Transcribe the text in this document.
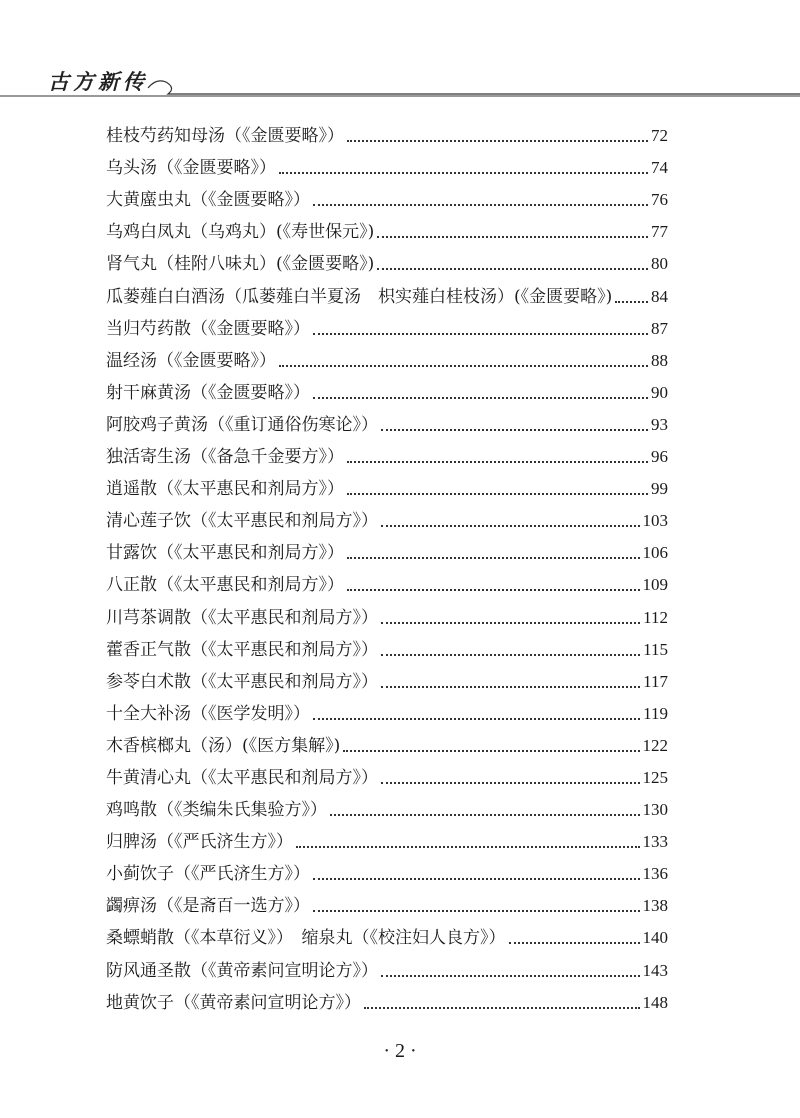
古方新传
桂枝芍药知母汤（《金匮要略》）	72
乌头汤（《金匮要略》）	74
大黄䗪虫丸（《金匮要略》）	76
乌鸡白凤丸（乌鸡丸）(《寿世保元》)	77
肾气丸（桂附八味丸）(《金匮要略》)	80
瓜蒌薤白白酒汤（瓜蒌薤白半夏汤　枳实薤白桂枝汤）(《金匮要略》) 84
当归芍药散（《金匮要略》）	87
温经汤（《金匮要略》）	88
射干麻黄汤（《金匮要略》）	90
阿胶鸡子黄汤（《重订通俗伤寒论》）	93
独活寄生汤（《备急千金要方》）	96
逍遥散（《太平惠民和剂局方》）	99
清心莲子饮（《太平惠民和剂局方》）	103
甘露饮（《太平惠民和剂局方》）	106
八正散（《太平惠民和剂局方》）	109
川芎茶调散（《太平惠民和剂局方》）	112
藿香正气散（《太平惠民和剂局方》）	115
参苓白术散（《太平惠民和剂局方》）	117
十全大补汤（《医学发明》）	119
木香槟榔丸（汤）(《医方集解》)	122
牛黄清心丸（《太平惠民和剂局方》）	125
鸡鸣散（《类编朱氏集验方》）	130
归脾汤（《严氏济生方》）	133
小蓟饮子（《严氏济生方》）	136
蠲痹汤（《是斋百一选方》）	138
桑螵蛸散（《本草衍义》）　缩泉丸（《校注妇人良方》）	140
防风通圣散（《黄帝素问宣明论方》）	143
地黄饮子（《黄帝素问宣明论方》）	148
· 2 ·
